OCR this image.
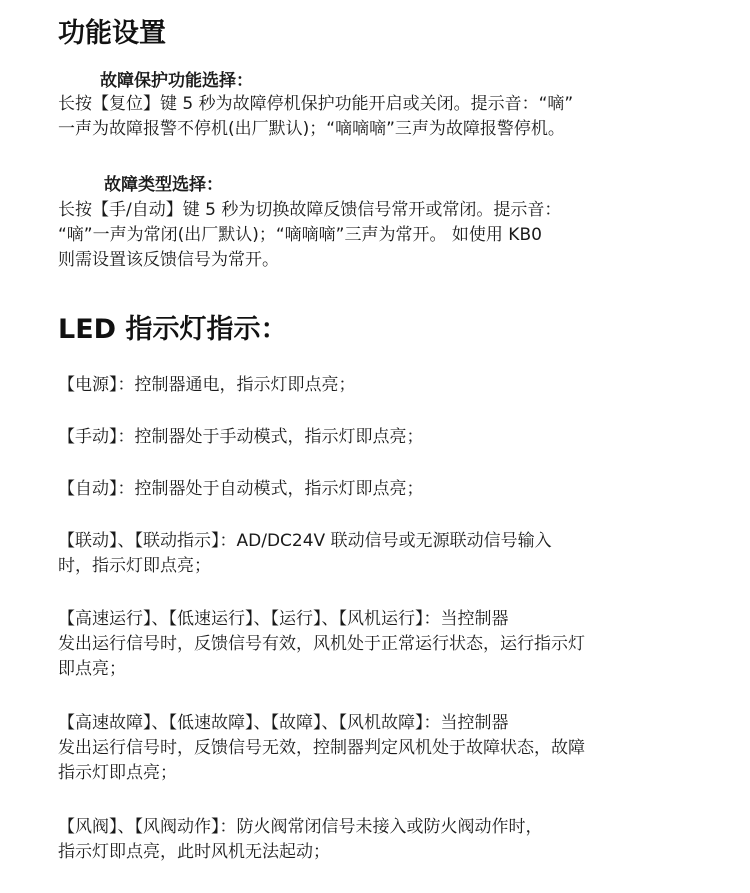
功能设置
故障保护功能选择：

长按【复位】键 5 秒为故障停机保护功能开启或关闭。提示音：“嘀”
一声为故障报警不停机(出厂默认)；“嘀嘀嘀”三声为故障报警停机。

故障类型选择：

长按【手/自动】键 5 秒为切换故障反馈信号常开或常闭。提示音：
“嘀”一声为常闭(出厂默认)；“嘀嘀嘀”三声为常开。 如使用 KB0
则需设置该反馈信号为常开。

LED 指示灯指示：

【电源】：控制器通电，指示灯即点亮；

【手动】：控制器处于手动模式，指示灯即点亮；

【自动】：控制器处于自动模式，指示灯即点亮；

【联动】、【联动指示】：AD/DC24V 联动信号或无源联动信号输入
时，指示灯即点亮；

【高速运行】、【低速运行】、【运行】、【风机运行】：当控制器
发出运行信号时，反馈信号有效，风机处于正常运行状态，运行指示灯
即点亮；

【高速故障】、【低速故障】、【故障】、【风机故障】：当控制器
发出运行信号时，反馈信号无效，控制器判定风机处于故障状态，故障
指示灯即点亮；

【风阀】、【风阀动作】：防火阀常闭信号未接入或防火阀动作时，
指示灯即点亮，此时风机无法起动；
